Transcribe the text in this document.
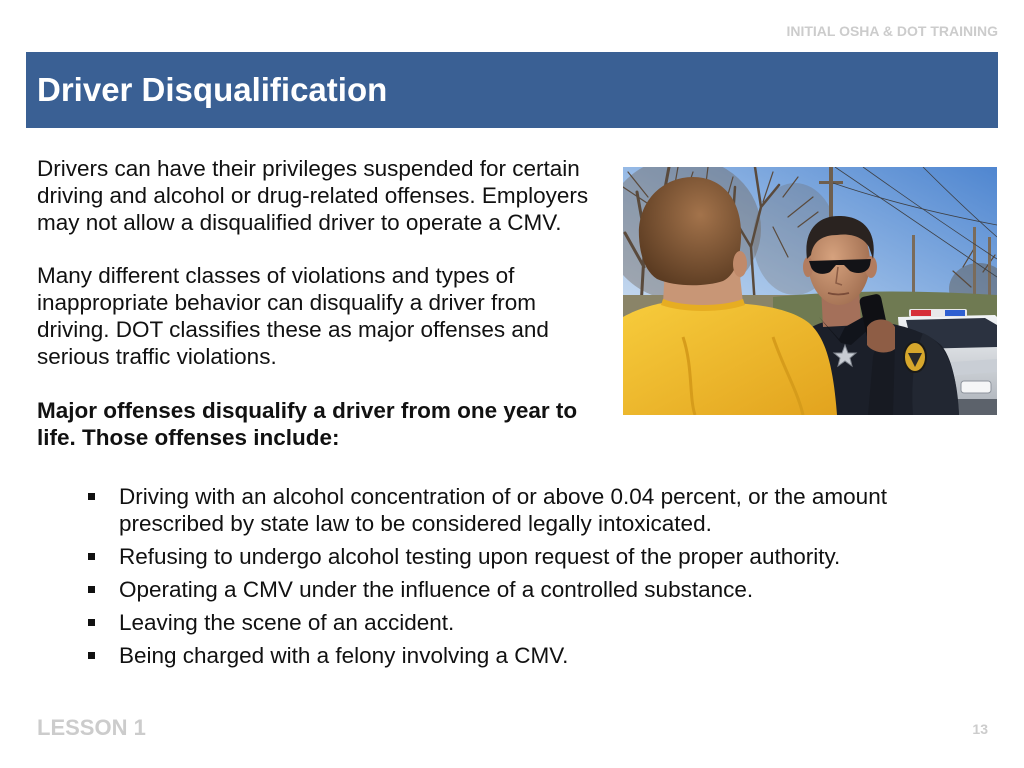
INITIAL OSHA & DOT TRAINING
Driver Disqualification

Drivers can have their privileges suspended for certain driving and alcohol or drug-related offenses. Employers may not allow a disqualified driver to operate a CMV.

Many different classes of violations and types of inappropriate behavior can disqualify a driver from driving. DOT classifies these as major offenses and serious traffic violations.

Major offenses disqualify a driver from one year to life. Those offenses include:

Driving with an alcohol concentration of or above 0.04 percent, or the amount prescribed by state law to be considered legally intoxicated.
Refusing to undergo alcohol testing upon request of the proper authority.
Operating a CMV under the influence of a controlled substance.
Leaving the scene of an accident.
Being charged with a felony involving a CMV.
LESSON 1	13
